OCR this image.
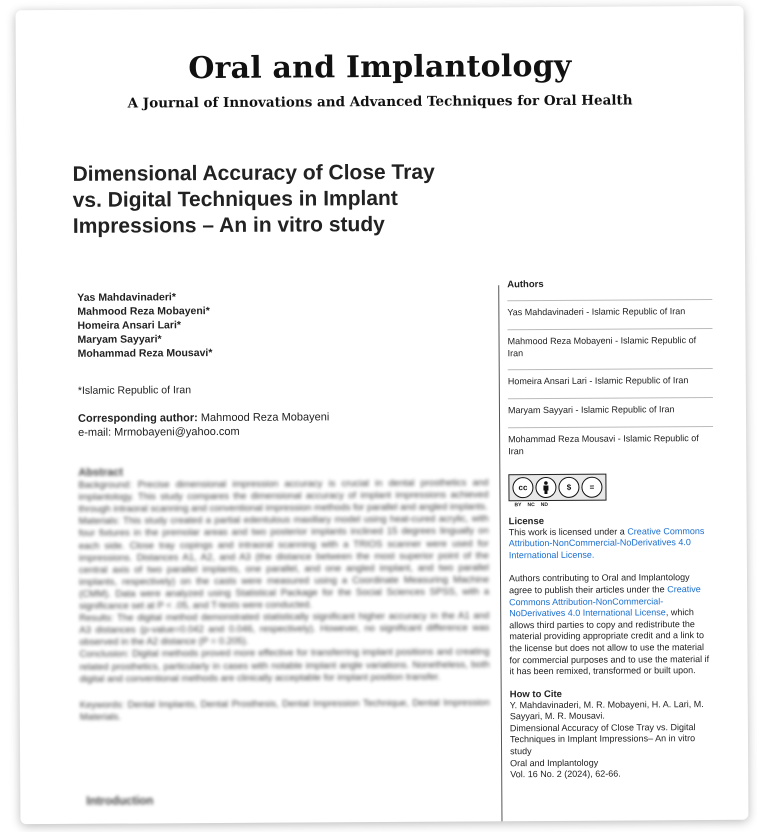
Oral and Implantology
A Journal of Innovations and Advanced Techniques for Oral Health
Dimensional Accuracy of Close Tray
vs. Digital Techniques in Implant
Impressions – An in vitro study
Yas Mahdavinaderi*
Mahmood Reza Mobayeni*
Homeira Ansari Lari*
Maryam Sayyari*
Mohammad Reza Mousavi*
*Islamic Republic of Iran
Corresponding author: Mahmood Reza Mobayeni
e-mail: Mrmobayeni@yahoo.com
Abstract

Background: Precise dimensional impression accuracy is crucial in dental prosthetics and implantology. This study compares the dimensional accuracy of implant impressions achieved through intraoral scanning and conventional impression methods for parallel and angled implants.

Materials: This study created a partial edentulous maxillary model using heat-cured acrylic, with four fixtures in the premolar areas and two posterior implants inclined 15 degrees lingually on each side. Close tray copings and intraoral scanning with a TRIOS scanner were used for impressions. Distances A1, A2, and A3 (the distance between the most superior point of the central axis of two parallel implants, one parallel, and one angled implant, and two parallel implants, respectively) on the casts were measured using a Coordinate Measuring Machine (CMM). Data were analyzed using Statistical Package for the Social Sciences SPSS, with a significance set at P < .05, and T-tests were conducted.

Results: The digital method demonstrated statistically significant higher accuracy in the A1 and A3 distances (p-value=0.042 and 0.046, respectively). However, no significant difference was observed in the A2 distance (P = 0.205).

Conclusion: Digital methods proved more effective for transferring implant positions and creating related prosthetics, particularly in cases with notable implant angle variations. Nonetheless, both digital and conventional methods are clinically acceptable for implant position transfer.

Keywords: Dental Implants, Dental Prosthesis, Dental Impression Technique, Dental Impression Materials.

Introduction
Authors
Yas Mahdavinaderi - Islamic Republic of Iran
Mahmood Reza Mobayeni - Islamic Republic of Iran
Homeira Ansari Lari - Islamic Republic of Iran
Maryam Sayyari - Islamic Republic of Iran
Mohammad Reza Mousavi - Islamic Republic of Iran
cc	$	=
BY NC ND
License
This work is licensed under a Creative Commons Attribution-NonCommercial-NoDerivatives 4.0 International License.
Authors contributing to Oral and Implantology agree to publish their articles under the Creative Commons Attribution-NonCommercial-NoDerivatives 4.0 International License, which allows third parties to copy and redistribute the material providing appropriate credit and a link to the license but does not allow to use the material for commercial purposes and to use the material if it has been remixed, transformed or built upon.
How to Cite
Y. Mahdavinaderi, M. R. Mobayeni, H. A. Lari, M. Sayyari, M. R. Mousavi.
Dimensional Accuracy of Close Tray vs. Digital Techniques in Implant Impressions– An in vitro study
Oral and Implantology
Vol. 16 No. 2 (2024), 62-66.
